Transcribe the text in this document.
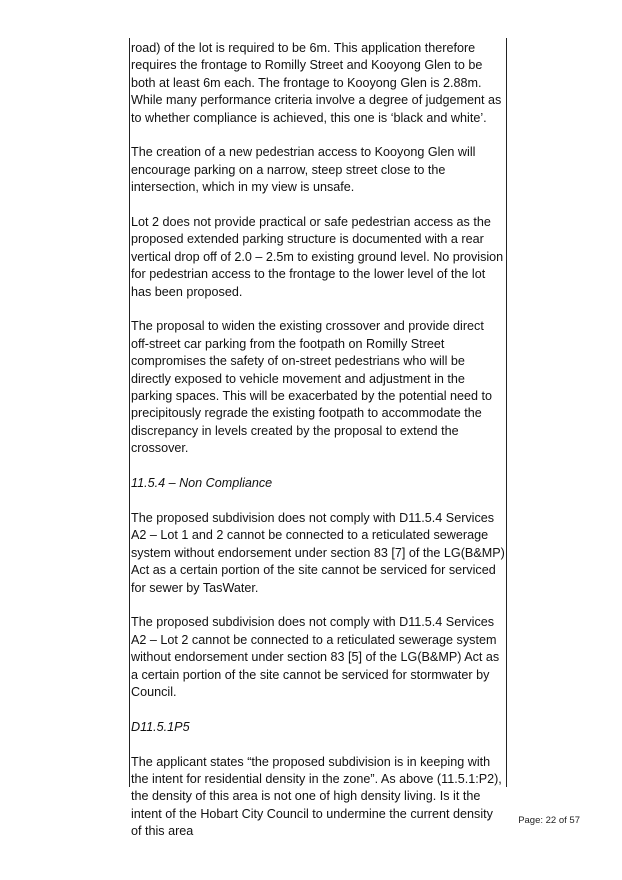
road) of the lot is required to be 6m. This application therefore requires the frontage to Romilly Street and Kooyong Glen to be both at least 6m each. The frontage to Kooyong Glen is 2.88m. While many performance criteria involve a degree of judgement as to whether compliance is achieved, this one is ‘black and white’.

The creation of a new pedestrian access to Kooyong Glen will encourage parking on a narrow, steep street close to the intersection, which in my view is unsafe.

Lot 2 does not provide practical or safe pedestrian access as the proposed extended parking structure is documented with a rear vertical drop off of 2.0 – 2.5m to existing ground level. No provision for pedestrian access to the frontage to the lower level of the lot has been proposed.

The proposal to widen the existing crossover and provide direct off-street car parking from the footpath on Romilly Street compromises the safety of on-street pedestrians who will be directly exposed to vehicle movement and adjustment in the parking spaces. This will be exacerbated by the potential need to precipitously regrade the existing footpath to accommodate the discrepancy in levels created by the proposal to extend the crossover.

11.5.4 – Non Compliance

The proposed subdivision does not comply with D11.5.4 Services A2 – Lot 1 and 2 cannot be connected to a reticulated sewerage system without endorsement under section 83 [7] of the LG(B&MP) Act as a certain portion of the site cannot be serviced for serviced for sewer by TasWater.

The proposed subdivision does not comply with D11.5.4 Services A2 – Lot 2 cannot be connected to a reticulated sewerage system without endorsement under section 83 [5] of the LG(B&MP) Act as a certain portion of the site cannot be serviced for stormwater by Council.

D11.5.1P5

The applicant states “the proposed subdivision is in keeping with the intent for residential density in the zone”. As above (11.5.1:P2), the density of this area is not one of high density living. Is it the intent of the Hobart City Council to undermine the current density of this area

Page: 22 of 57
